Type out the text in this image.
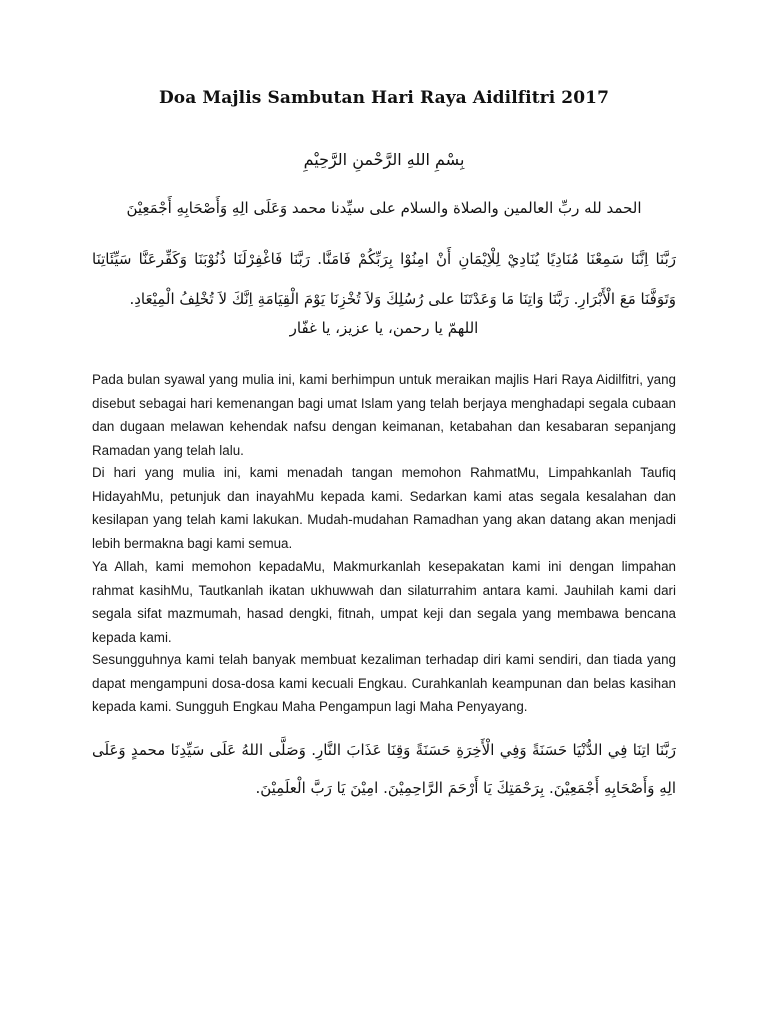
Doa Majlis Sambutan Hari Raya Aidilfitri 2017
بِسْمِ اللهِ الرَّحْمنِ الرَّحِيْمِ
الحمد لله ربِّ العالمين والصلاة والسلام على سيِّدنا محمد وَعَلَى الِهِ وَأَصْحَابِهِ أَجْمَعِيْنَ
رَبَّنَا اِنَّنَا سَمِعْنَا مُنَادِيًا يُنَادِيْ لِلْاِيْمَانِ أَنْ امِنُوْا بِرَبِّكُمْ فَامَنَّا. رَبَّنَا فَاغْفِرْلَنَا ذُنُوْبَنَا وَكَفِّرعَنَّا سَيِّئَاتِنَا وَتَوَفَّنَا مَعَ الْأَبْرَارِ. رَبَّنَا وَاتِنَا مَا وَعَدْتَنَا على رُسُلِكَ وَلاَ تُخْزِنَا يَوْمَ الْقِيَامَةِ اِنَّكَ لاَ تُخْلِفُ الْمِيْعَادِ.
اللهمّ يا رحمن، يا عزيز، يا غفّار

Pada bulan syawal yang mulia ini, kami berhimpun untuk meraikan majlis Hari Raya Aidilfitri, yang disebut sebagai hari kemenangan bagi umat Islam yang telah berjaya menghadapi segala cubaan dan dugaan melawan kehendak nafsu dengan keimanan, ketabahan dan kesabaran sepanjang Ramadan yang telah lalu.

Di hari yang mulia ini, kami menadah tangan memohon RahmatMu, Limpahkanlah Taufiq HidayahMu, petunjuk dan inayahMu kepada kami. Sedarkan kami atas segala kesalahan dan kesilapan yang telah kami lakukan. Mudah-mudahan Ramadhan yang akan datang akan menjadi lebih bermakna bagi kami semua.

Ya Allah, kami memohon kepadaMu, Makmurkanlah kesepakatan kami ini dengan limpahan rahmat kasihMu, Tautkanlah ikatan ukhuwwah dan silaturrahim antara kami. Jauhilah kami dari segala sifat mazmumah, hasad dengki, fitnah, umpat keji dan segala yang membawa bencana kepada kami.

Sesungguhnya kami telah banyak membuat kezaliman terhadap diri kami sendiri, dan tiada yang dapat mengampuni dosa-dosa kami kecuali Engkau. Curahkanlah keampunan dan belas kasihan kepada kami. Sungguh Engkau Maha Pengampun lagi Maha Penyayang.

رَبَّنَا اتِنَا فِي الدُّنْيَا حَسَنَةً وَفِي الْأَخِرَةِ حَسَنَةً وَقِنَا عَذَابَ النَّارِ. وَصَلَّى اللهُ عَلَى سَيِّدِنَا محمدٍ وَعَلَى الِهِ وَأَصْحَابِهِ أَجْمَعِيْنَ. بِرَحْمَتِكَ يَا أَرْحَمَ الرَّاحِمِيْنَ. امِيْنَ يَا رَبَّ الْعلَمِيْنَ.
